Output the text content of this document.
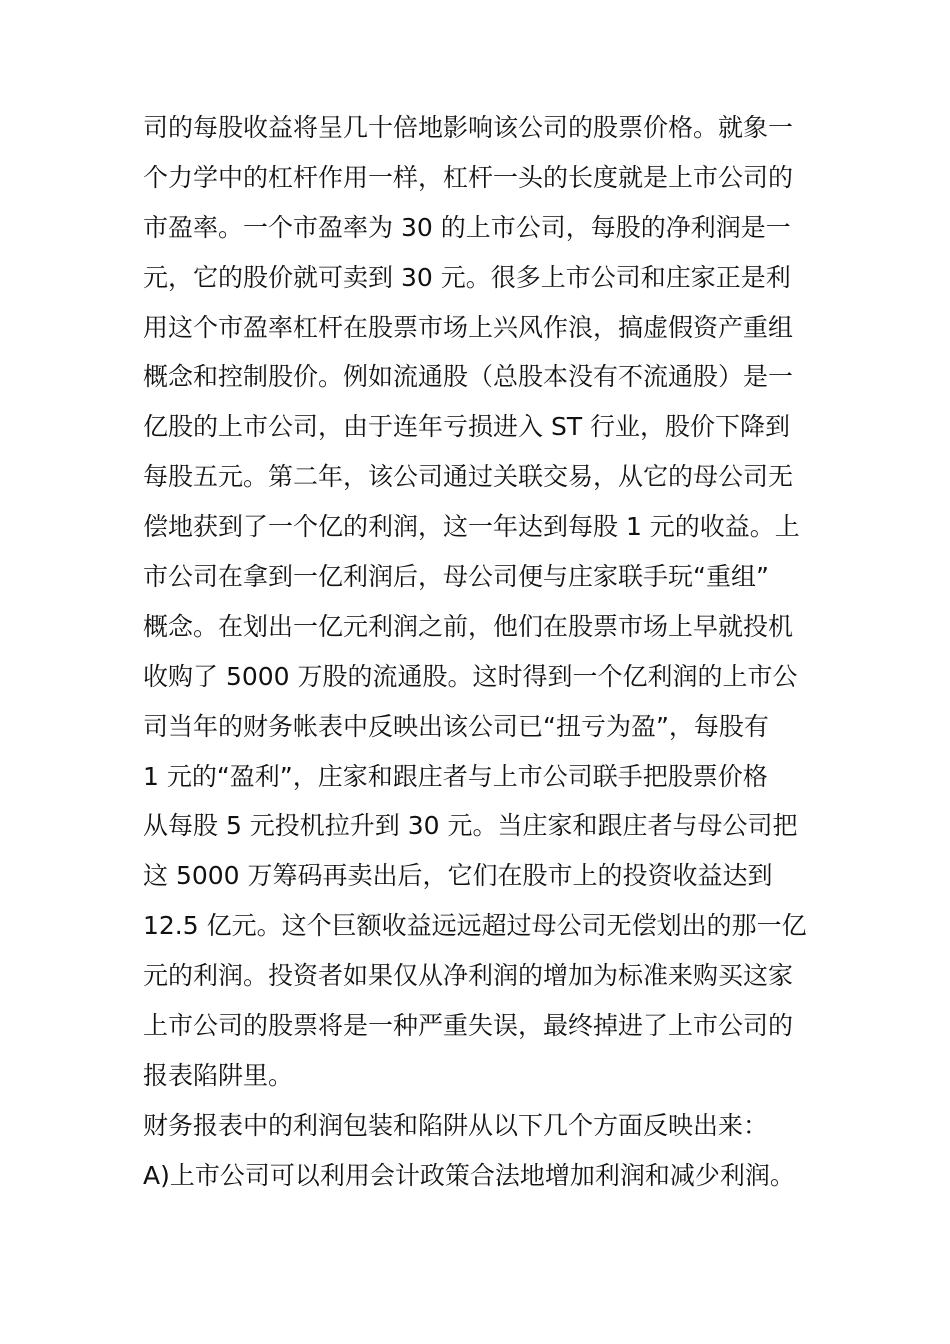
司的每股收益将呈几十倍地影响该公司的股票价格。就象一
个力学中的杠杆作用一样，杠杆一头的长度就是上市公司的
市盈率。一个市盈率为 30 的上市公司，每股的净利润是一
元，它的股价就可卖到 30 元。很多上市公司和庄家正是利
用这个市盈率杠杆在股票市场上兴风作浪，搞虚假资产重组
概念和控制股价。例如流通股（总股本没有不流通股）是一
亿股的上市公司，由于连年亏损进入 ST 行业，股价下降到
每股五元。第二年，该公司通过关联交易，从它的母公司无
偿地获到了一个亿的利润，这一年达到每股 1 元的收益。上
市公司在拿到一亿利润后，母公司便与庄家联手玩“重组”
概念。在划出一亿元利润之前，他们在股票市场上早就投机
收购了 5000 万股的流通股。这时得到一个亿利润的上市公
司当年的财务帐表中反映出该公司已“扭亏为盈”，每股有
1 元的“盈利”，庄家和跟庄者与上市公司联手把股票价格
从每股 5 元投机拉升到 30 元。当庄家和跟庄者与母公司把
这 5000 万筹码再卖出后，它们在股市上的投资收益达到
12.5 亿元。这个巨额收益远远超过母公司无偿划出的那一亿
元的利润。投资者如果仅从净利润的增加为标准来购买这家
上市公司的股票将是一种严重失误，最终掉进了上市公司的
报表陷阱里。
财务报表中的利润包装和陷阱从以下几个方面反映出来：
A)上市公司可以利用会计政策合法地增加利润和减少利润。
